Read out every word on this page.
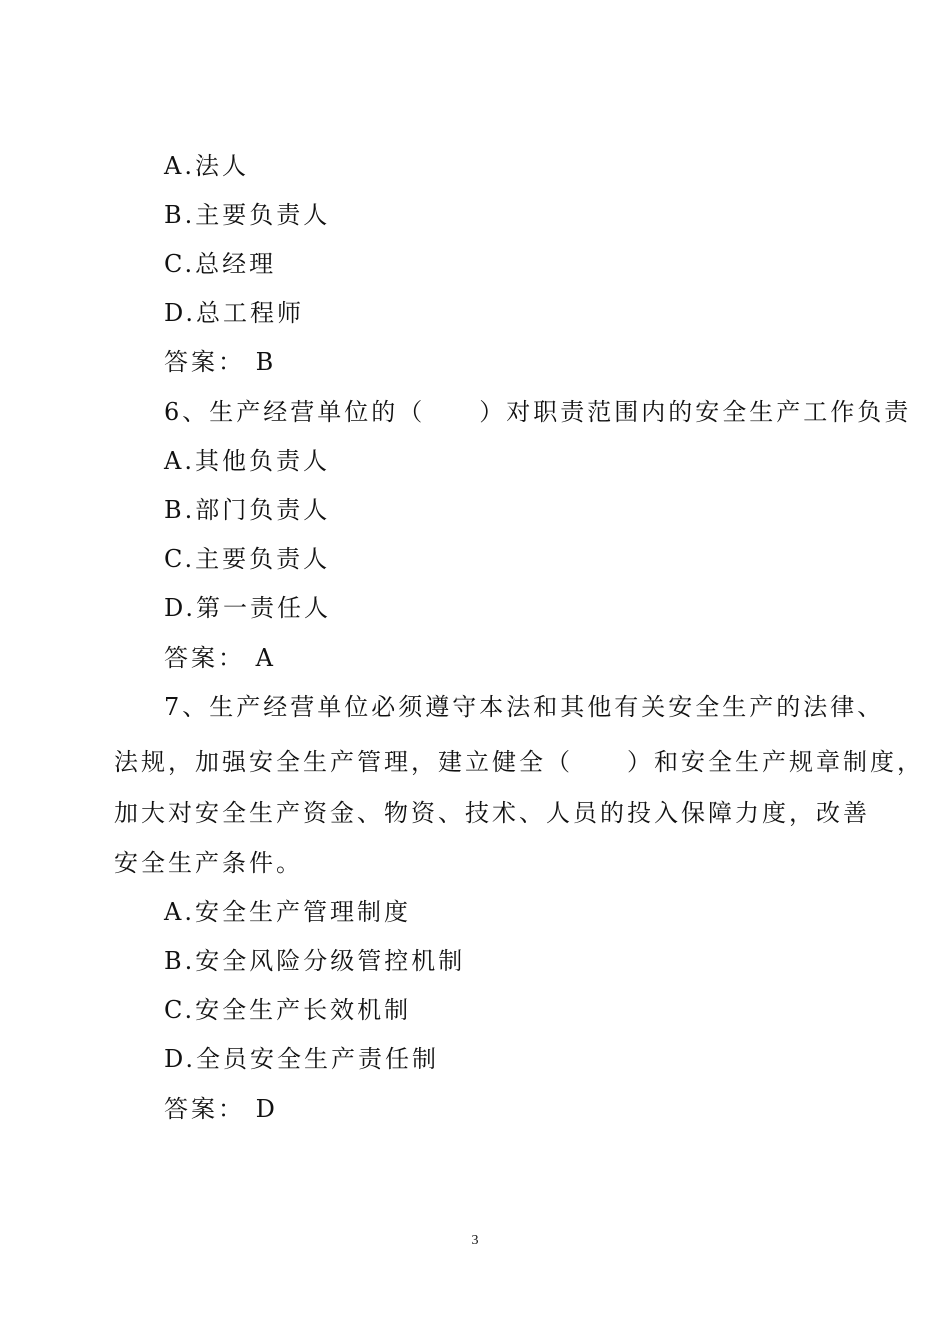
A.法人
B.主要负责人
C.总经理
D.总工程师
答案： B
6、生产经营单位的（　　）对职责范围内的安全生产工作负责
A.其他负责人
B.部门负责人
C.主要负责人
D.第一责任人
答案： A
7、生产经营单位必须遵守本法和其他有关安全生产的法律、
法规，加强安全生产管理，建立健全（　　）和安全生产规章制度，
加大对安全生产资金、物资、技术、人员的投入保障力度，改善
安全生产条件。
A.安全生产管理制度
B.安全风险分级管控机制
C.安全生产长效机制
D.全员安全生产责任制
答案： D
3
